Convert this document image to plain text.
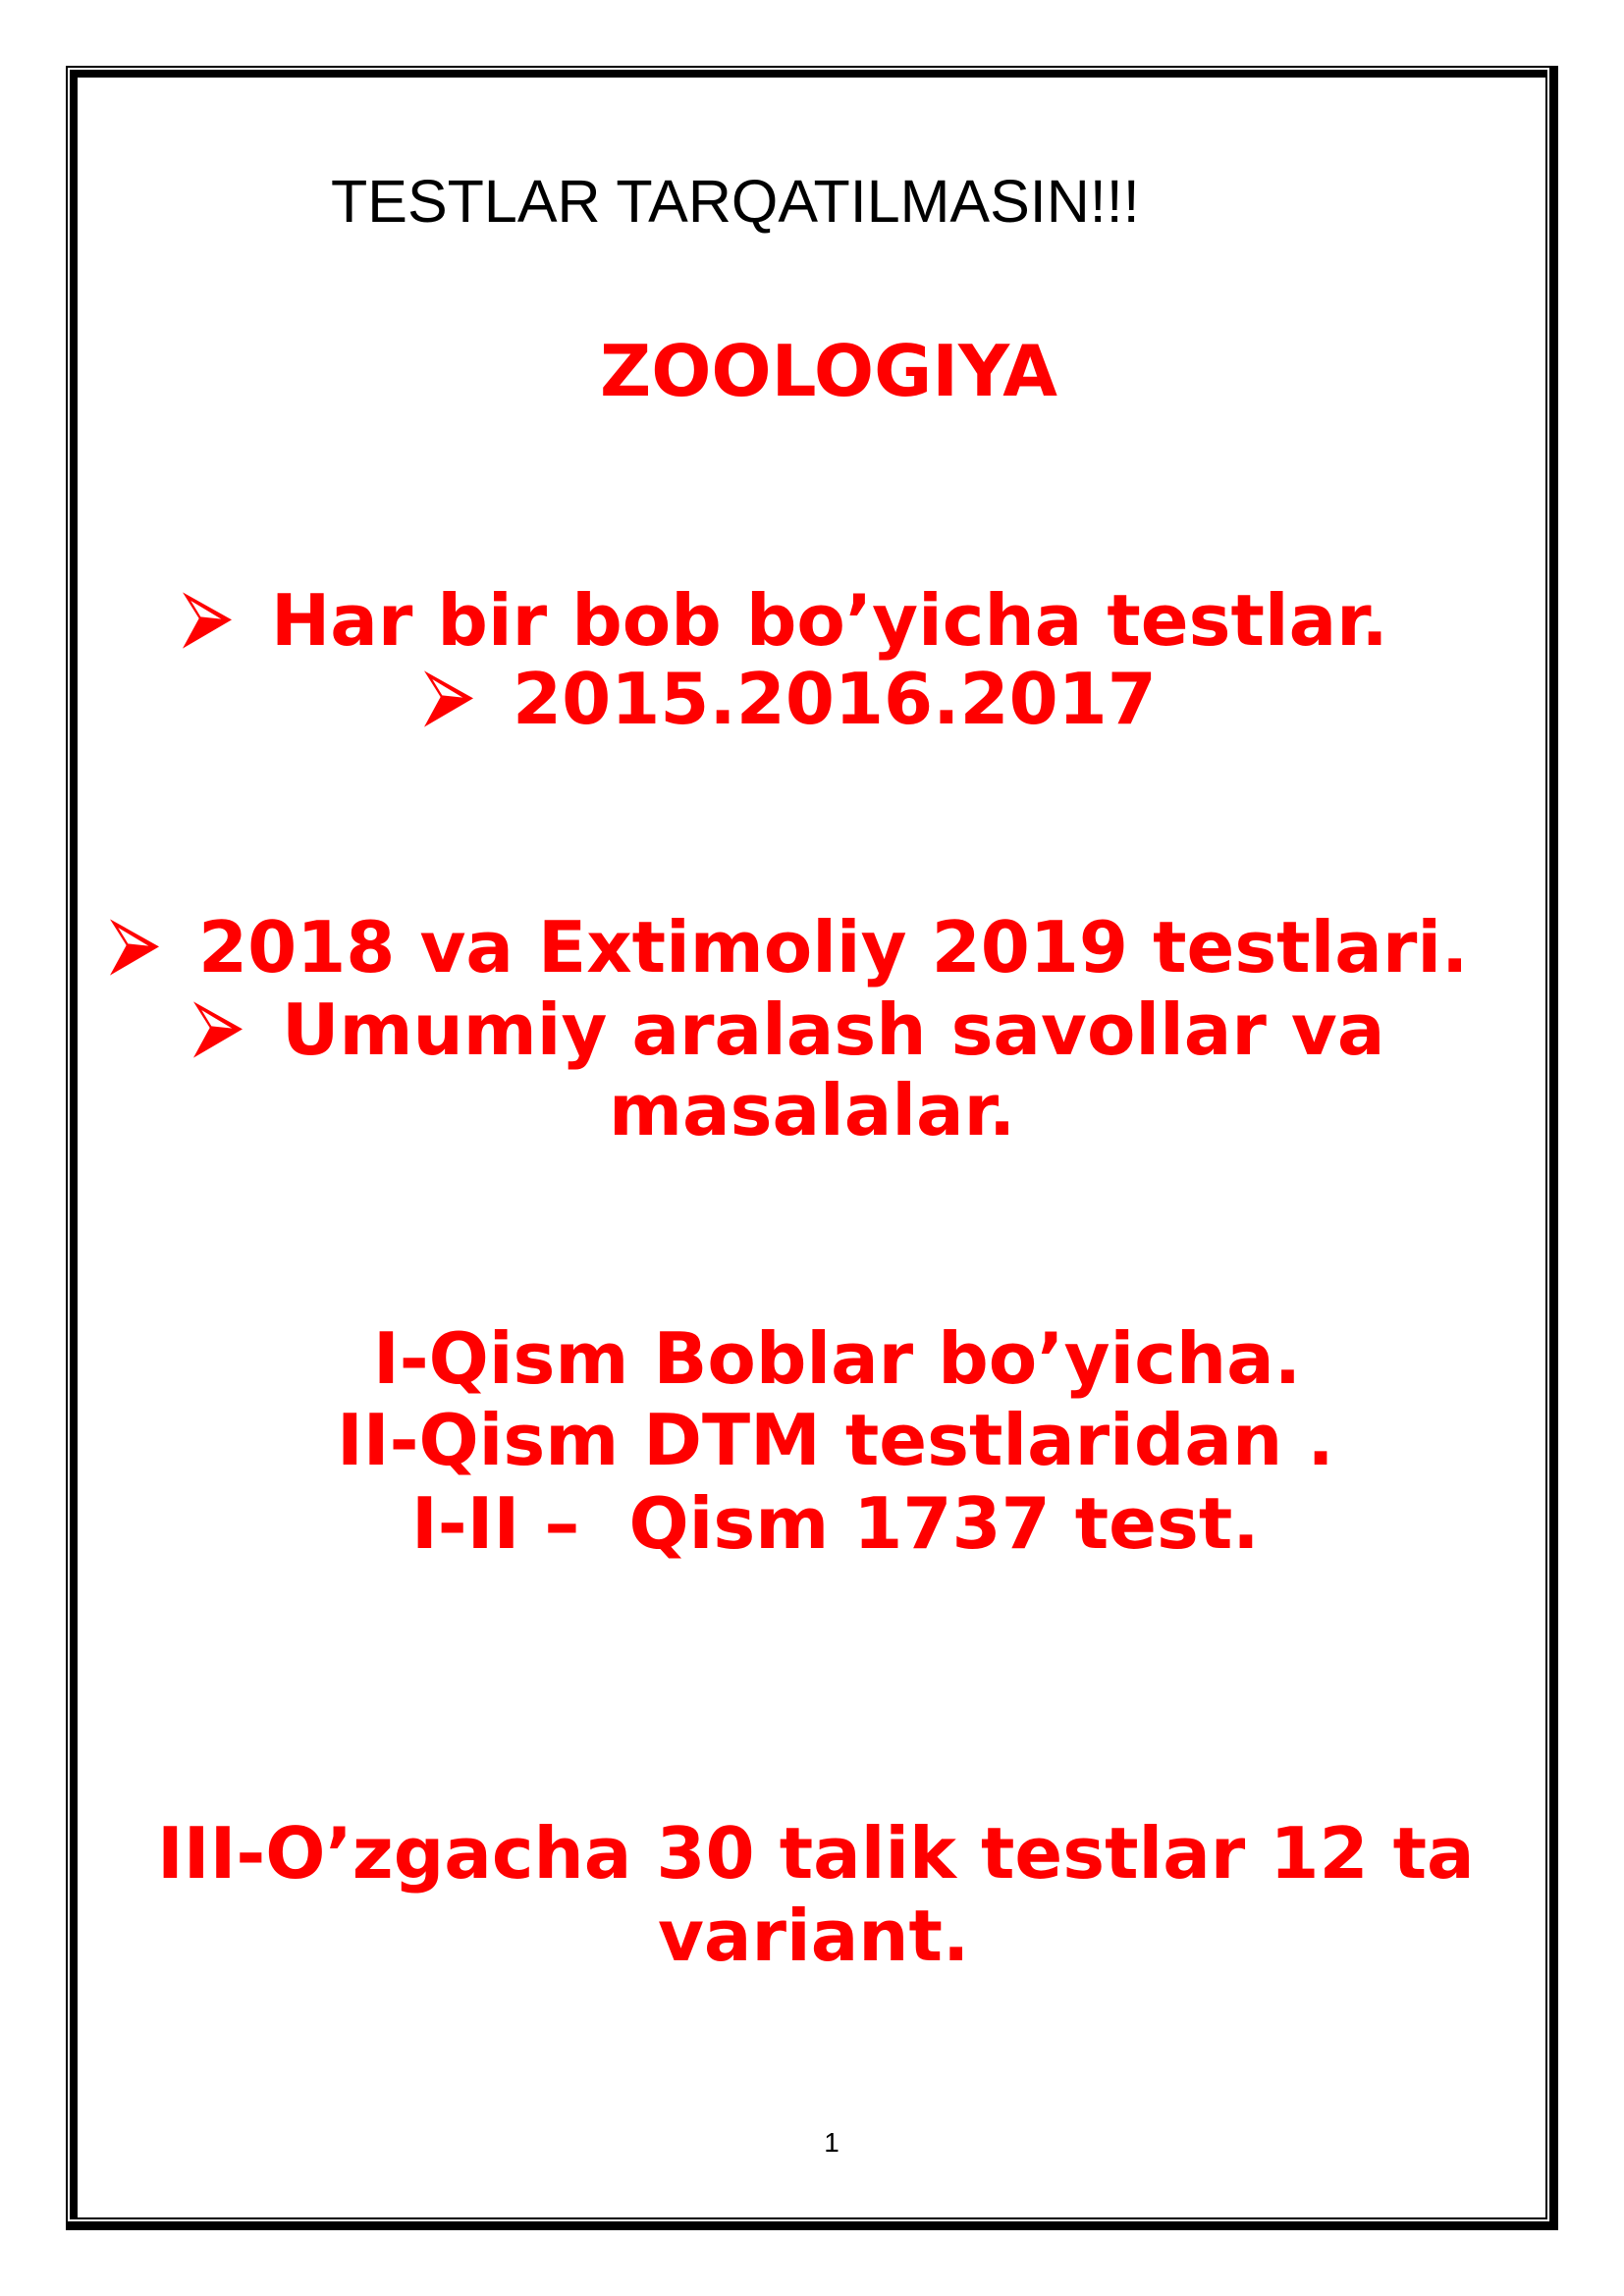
TESTLAR TARQATILMASIN!!!
ZOOLOGIYA
Har bir bob bo’yicha testlar.
2015.2016.2017
2018 va Extimoliy 2019 testlari.
Umumiy aralash savollar va
masalalar.
I-Qism Boblar bo’yicha.
II-Qism DTM testlaridan .
I-II –  Qism 1737 test.
III-O’zgacha 30 talik testlar 12 ta
variant.
1
